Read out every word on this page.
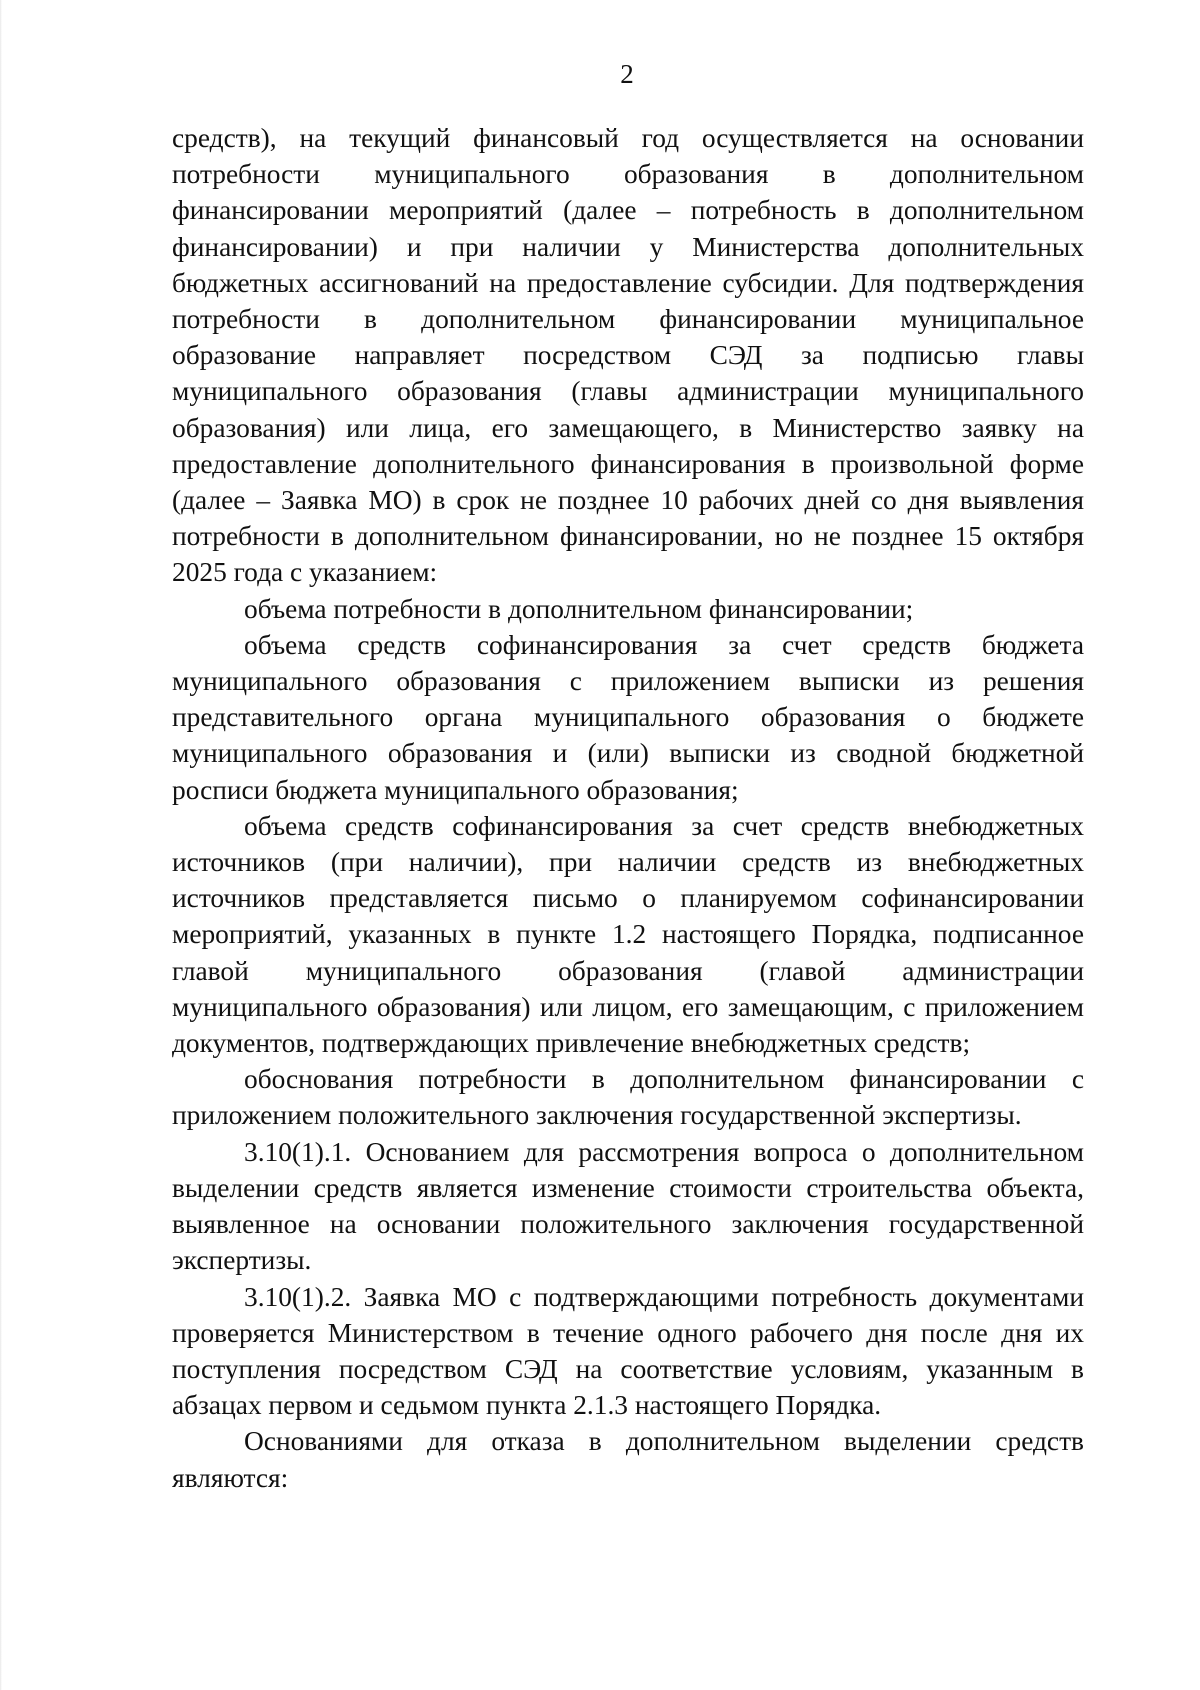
2

средств), на текущий финансовый год осуществляется на основании потребности муниципального образования в дополнительном финансировании мероприятий (далее – потребность в дополнительном финансировании) и при наличии у Министерства дополнительных бюджетных ассигнований на предоставление субсидии. Для подтверждения потребности в дополнительном финансировании муниципальное образование направляет посредством СЭД за подписью главы муниципального образования (главы администрации муниципального образования) или лица, его замещающего, в Министерство заявку на предоставление дополнительного финансирования в произвольной форме (далее – Заявка МО) в срок не позднее 10 рабочих дней со дня выявления потребности в дополнительном финансировании, но не позднее 15 октября 2025 года с указанием:

объема потребности в дополнительном финансировании;

объема средств софинансирования за счет средств бюджета муниципального образования с приложением выписки из решения представительного органа муниципального образования о бюджете муниципального образования и (или) выписки из сводной бюджетной росписи бюджета муниципального образования;

объема средств софинансирования за счет средств внебюджетных источников (при наличии), при наличии средств из внебюджетных источников представляется письмо о планируемом софинансировании мероприятий, указанных в пункте 1.2 настоящего Порядка, подписанное главой муниципального образования (главой администрации муниципального образования) или лицом, его замещающим, с приложением документов, подтверждающих привлечение внебюджетных средств;

обоснования потребности в дополнительном финансировании с приложением положительного заключения государственной экспертизы.

3.10(1).1. Основанием для рассмотрения вопроса о дополнительном выделении средств является изменение стоимости строительства объекта, выявленное на основании положительного заключения государственной экспертизы.

3.10(1).2. Заявка МО с подтверждающими потребность документами проверяется Министерством в течение одного рабочего дня после дня их поступления посредством СЭД на соответствие условиям, указанным в абзацах первом и седьмом пункта 2.1.3 настоящего Порядка.

Основаниями для отказа в дополнительном выделении средств являются:
